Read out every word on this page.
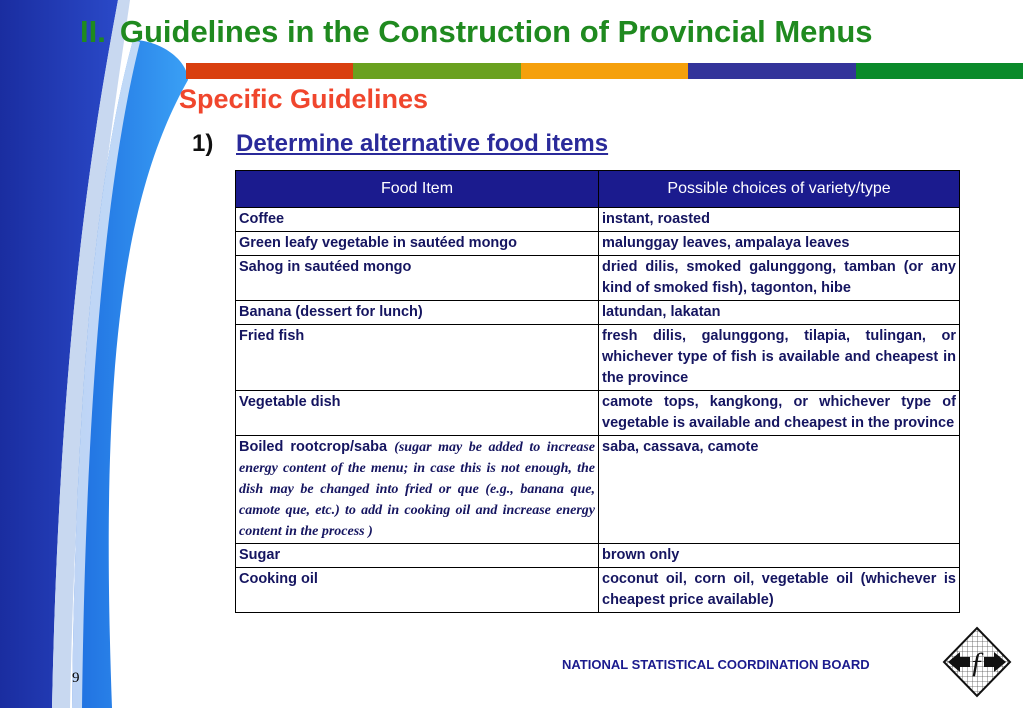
II. Guidelines in the Construction of Provincial Menus
Specific Guidelines
1) Determine alternative food items
Food Item	Possible choices of variety/type
Coffee	instant, roasted
Green leafy vegetable in sautéed mongo	malunggay leaves, ampalaya leaves
Sahog in sautéed mongo	dried dilis, smoked galunggong, tamban (or any kind of smoked fish), tagonton, hibe
Banana (dessert for lunch)	latundan, lakatan
Fried fish	fresh dilis, galunggong, tilapia, tulingan, or whichever type of fish is available and cheapest in the province
Vegetable dish	camote tops, kangkong, or whichever type of vegetable is available and cheapest in the province
Boiled rootcrop/saba (sugar may be added to increase energy content of the menu; in case this is not enough, the dish may be changed into fried or que (e.g., banana que, camote que, etc.) to add in cooking oil and increase energy content in the process )	saba, cassava, camote
Sugar	brown only
Cooking oil	coconut oil, corn oil, vegetable oil (whichever is cheapest price available)
9
NATIONAL STATISTICAL COORDINATION BOARD	ƒ
